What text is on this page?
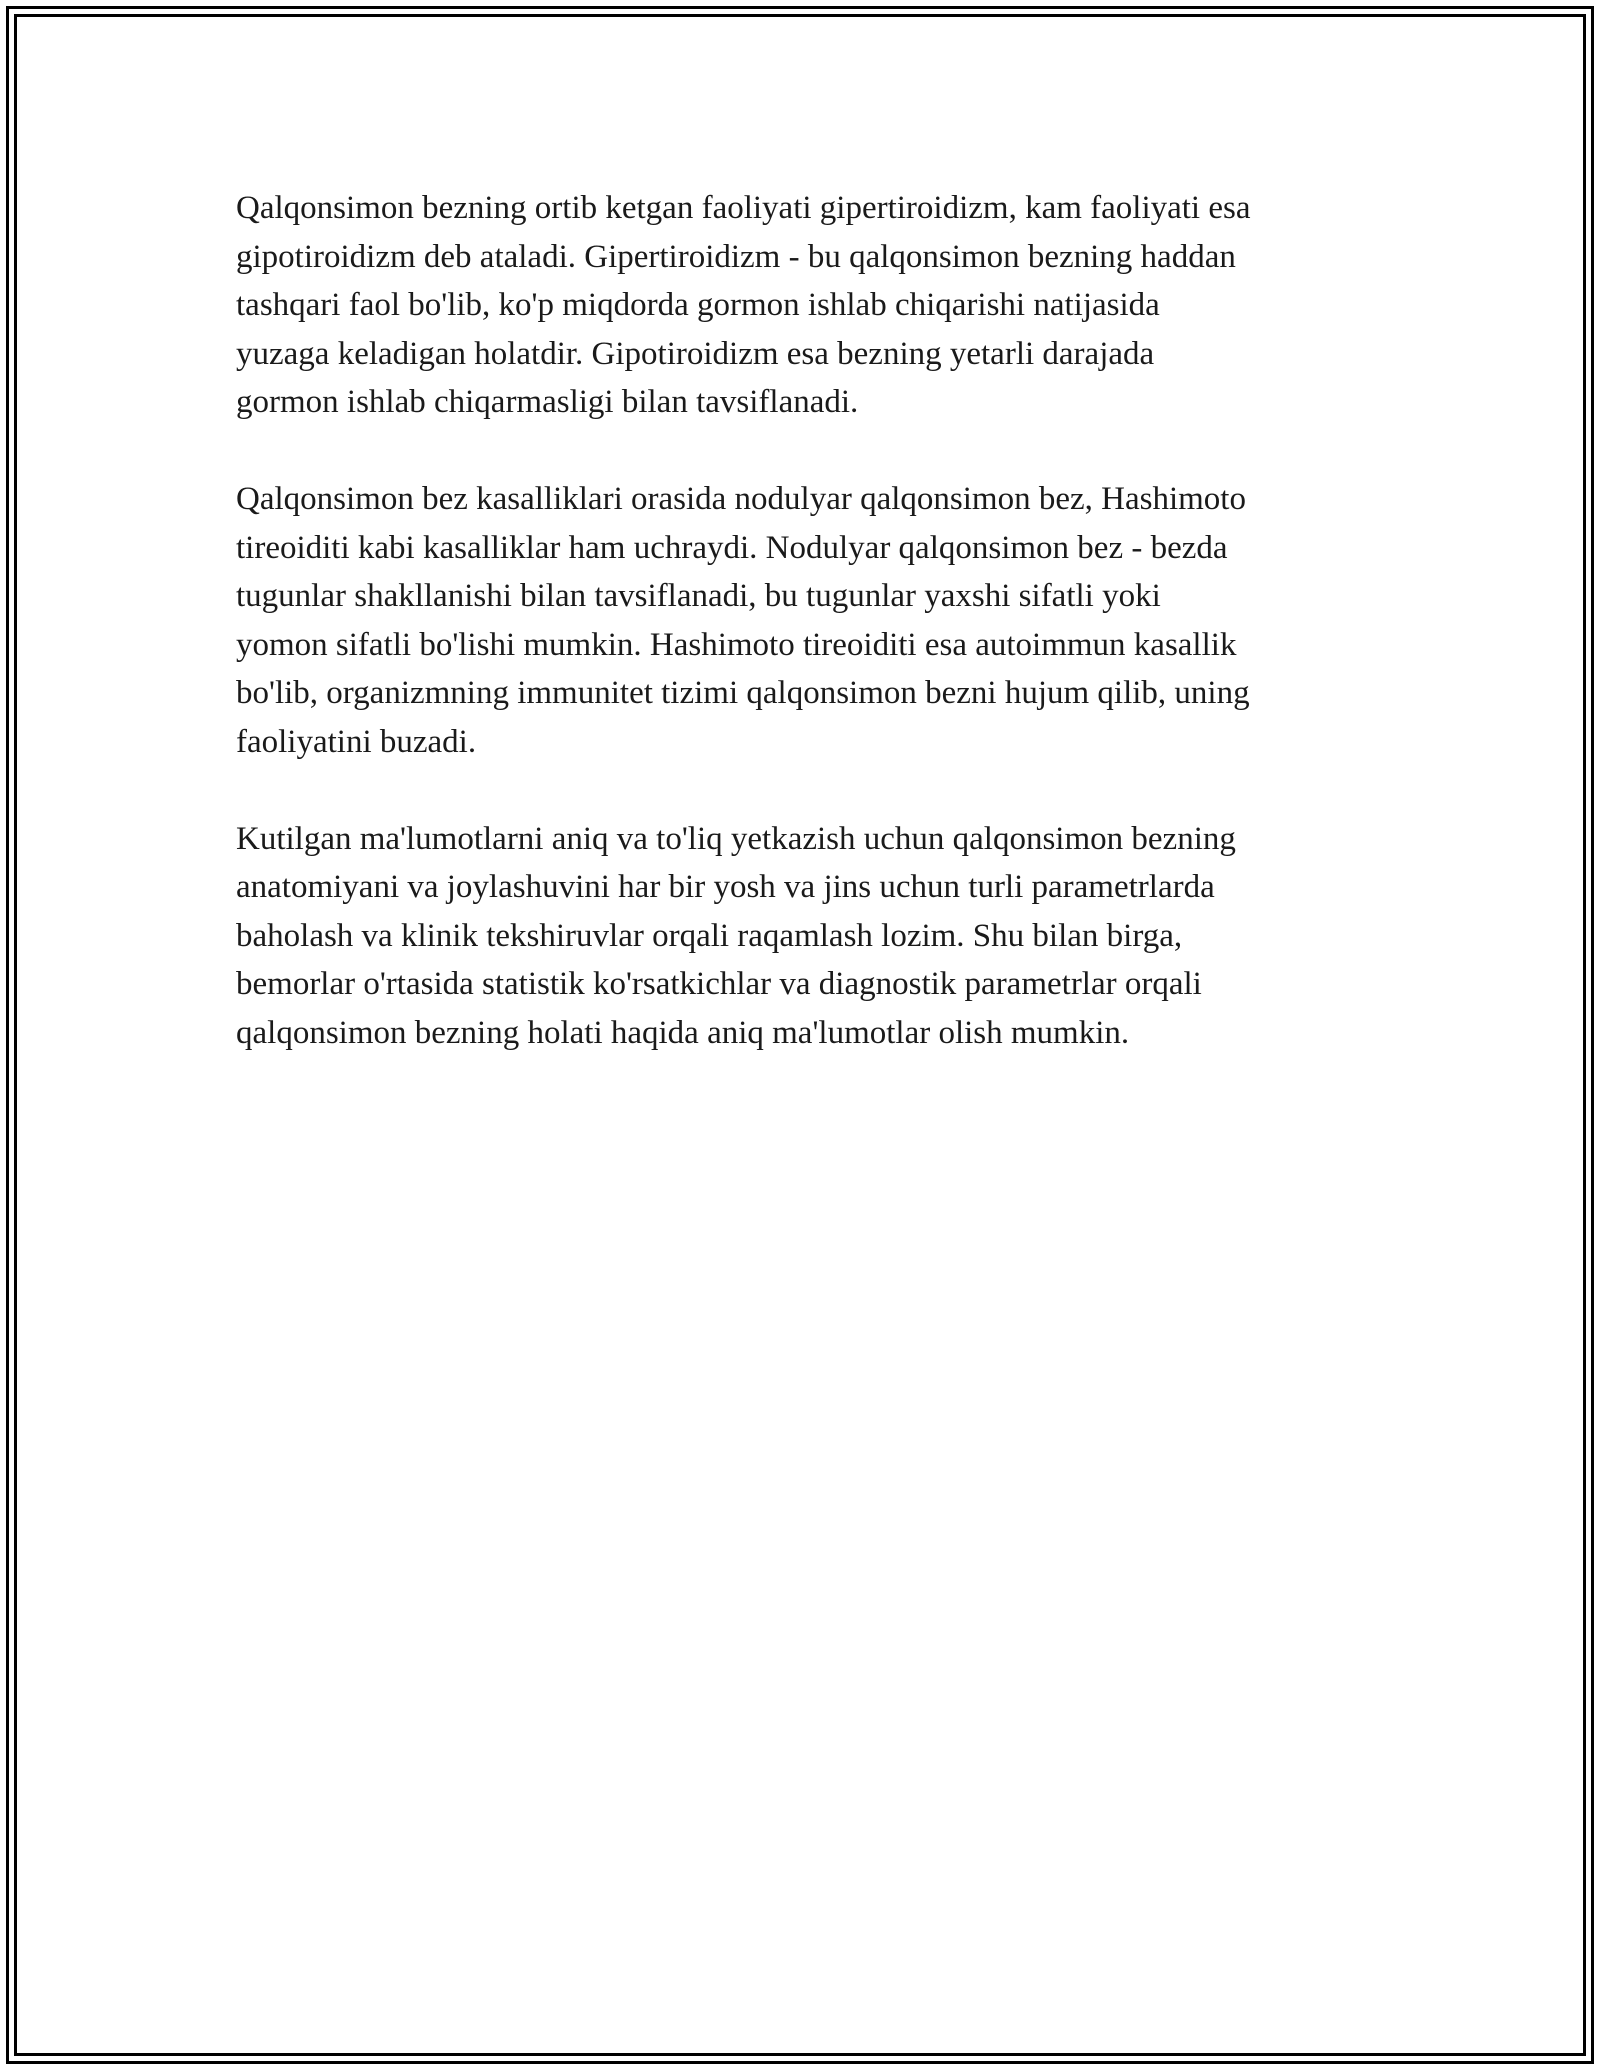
Qalqonsimon bezning ortib ketgan faoliyati gipertiroidizm, kam faoliyati esa
gipotiroidizm deb ataladi. Gipertiroidizm - bu qalqonsimon bezning haddan
tashqari faol bo'lib, ko'p miqdorda gormon ishlab chiqarishi natijasida
yuzaga keladigan holatdir. Gipotiroidizm esa bezning yetarli darajada
gormon ishlab chiqarmasligi bilan tavsiflanadi.

Qalqonsimon bez kasalliklari orasida nodulyar qalqonsimon bez, Hashimoto
tireoiditi kabi kasalliklar ham uchraydi. Nodulyar qalqonsimon bez - bezda
tugunlar shakllanishi bilan tavsiflanadi, bu tugunlar yaxshi sifatli yoki
yomon sifatli bo'lishi mumkin. Hashimoto tireoiditi esa autoimmun kasallik
bo'lib, organizmning immunitet tizimi qalqonsimon bezni hujum qilib, uning
faoliyatini buzadi.

Kutilgan ma'lumotlarni aniq va to'liq yetkazish uchun qalqonsimon bezning
anatomiyani va joylashuvini har bir yosh va jins uchun turli parametrlarda
baholash va klinik tekshiruvlar orqali raqamlash lozim. Shu bilan birga,
bemorlar o'rtasida statistik ko'rsatkichlar va diagnostik parametrlar orqali
qalqonsimon bezning holati haqida aniq ma'lumotlar olish mumkin.
